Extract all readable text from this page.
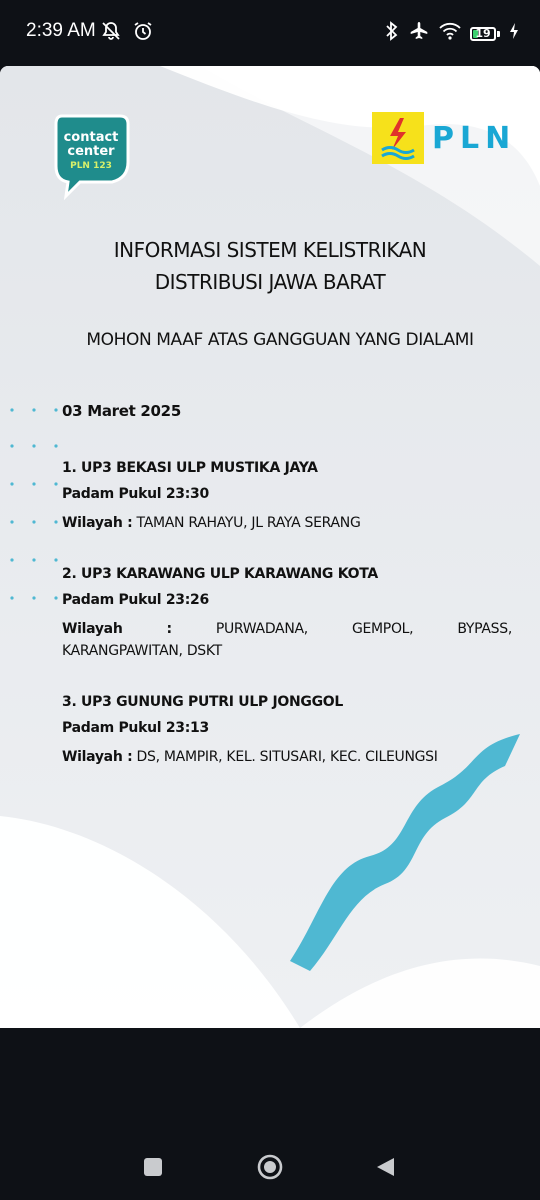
2:39 AM	19
contact
center
PLN 123
PLN
INFORMASI SISTEM KELISTRIKAN
DISTRIBUSI JAWA BARAT
MOHON MAAF ATAS GANGGUAN YANG DIALAMI
03 Maret 2025
1. UP3 BEKASI ULP MUSTIKA JAYA
Padam Pukul 23:30
Wilayah : TAMAN RAHAYU, JL RAYA SERANG
2. UP3 KARAWANG ULP KARAWANG KOTA
Padam Pukul 23:26
Wilayah	:	PURWADANA,	GEMPOL,	BYPASS,
KARANGPAWITAN, DSKT
3. UP3 GUNUNG PUTRI ULP JONGGOL
Padam Pukul 23:13
Wilayah : DS, MAMPIR, KEL. SITUSARI, KEC. CILEUNGSI
